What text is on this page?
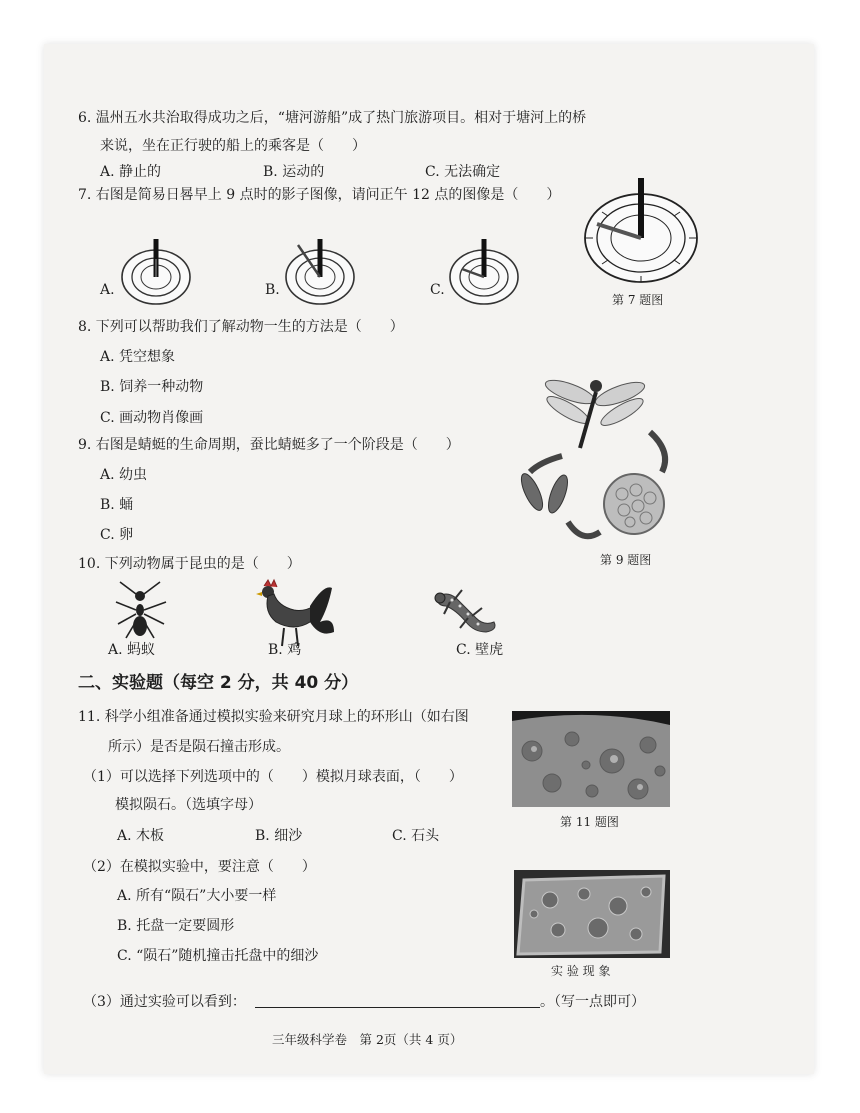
6. 温州五水共治取得成功之后，“塘河游船”成了热门旅游项目。相对于塘河上的桥
来说，坐在正行驶的船上的乘客是（　　）
A. 静止的	B. 运动的	C. 无法确定
7. 右图是简易日晷早上 9 点时的影子图像，请问正午 12 点的图像是（　　）
A.	B.	C.
第 7 题图
8. 下列可以帮助我们了解动物一生的方法是（　　）
A. 凭空想象
B. 饲养一种动物
C. 画动物肖像画
9. 右图是蜻蜓的生命周期，蚕比蜻蜓多了一个阶段是（　　）
A. 幼虫
B. 蛹
C. 卵
第 9 题图
10. 下列动物属于昆虫的是（　　）
A. 蚂蚁	B. 鸡	C. 壁虎
二、实验题（每空 2 分，共 40 分）
11. 科学小组准备通过模拟实验来研究月球上的环形山（如右图
所示）是否是陨石撞击形成。
（1）可以选择下列选项中的（　　）模拟月球表面，（　　）
模拟陨石。（选填字母）
A. 木板	B. 细沙	C. 石头
（2）在模拟实验中，要注意（　　）
A. 所有“陨石”大小要一样
B. 托盘一定要圆形
C. “陨石”随机撞击托盘中的细沙
（3）通过实验可以看到：	。（写一点即可）
第 11 题图
实 验 现 象
三年级科学卷　第 2页（共 4 页）
